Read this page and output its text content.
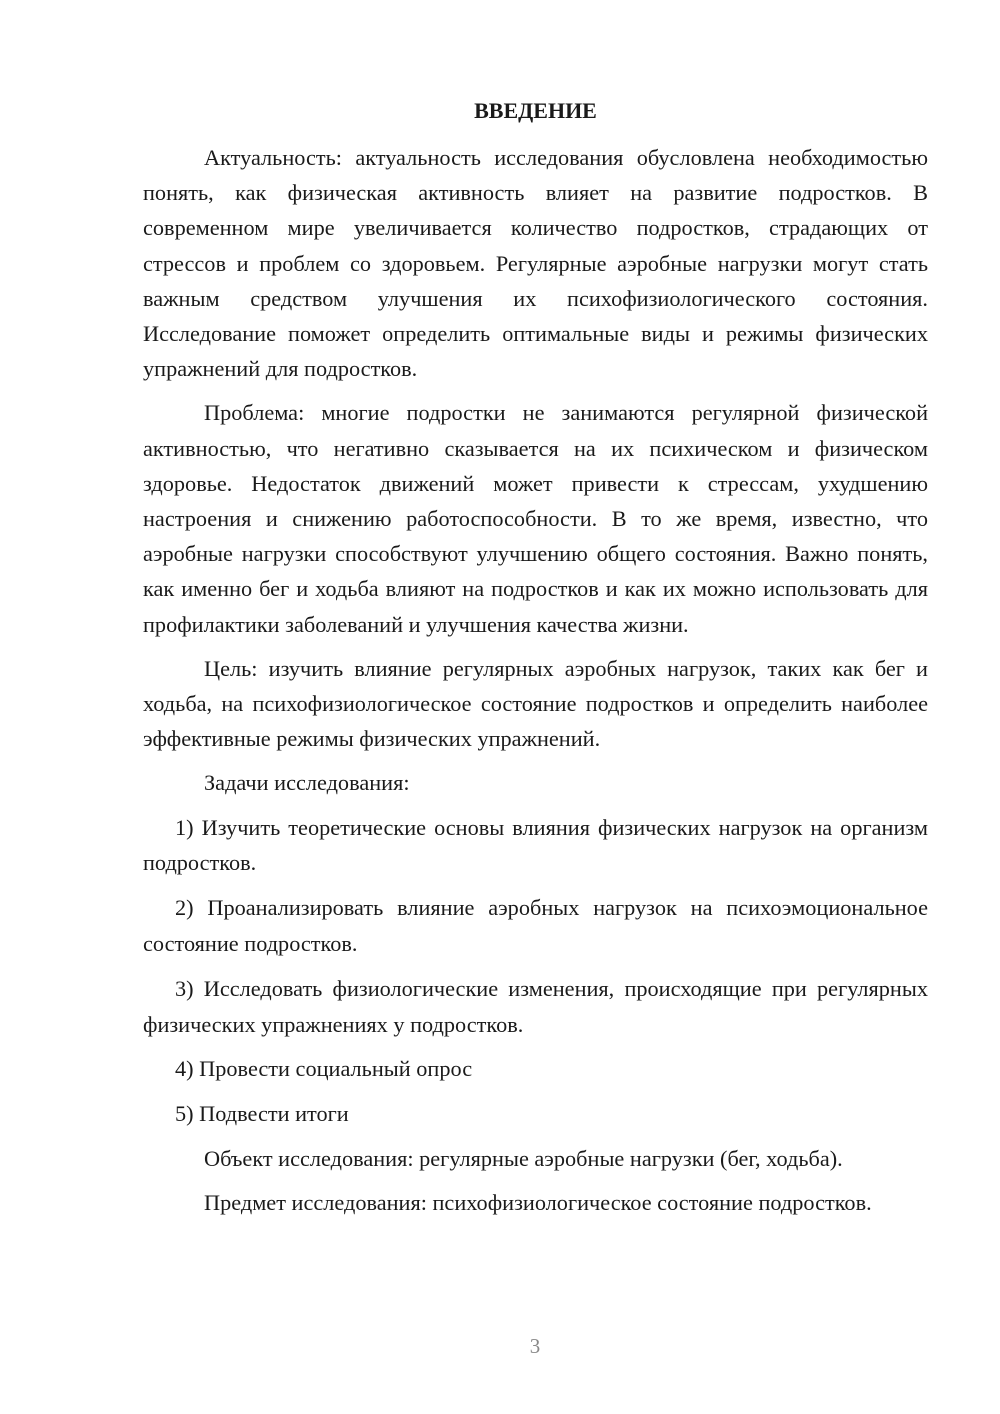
ВВЕДЕНИЕ

Актуальность: актуальность исследования обусловлена необходимостью понять, как физическая активность влияет на развитие подростков. В современном мире увеличивается количество подростков, страдающих от стрессов и проблем со здоровьем. Регулярные аэробные нагрузки могут стать важным средством улучшения их психофизиологического состояния. Исследование поможет определить оптимальные виды и режимы физических упражнений для подростков.

Проблема: многие подростки не занимаются регулярной физической активностью, что негативно сказывается на их психическом и физическом здоровье. Недостаток движений может привести к стрессам, ухудшению настроения и снижению работоспособности. В то же время, известно, что аэробные нагрузки способствуют улучшению общего состояния. Важно понять, как именно бег и ходьба влияют на подростков и как их можно использовать для профилактики заболеваний и улучшения качества жизни.

Цель: изучить влияние регулярных аэробных нагрузок, таких как бег и ходьба, на психофизиологическое состояние подростков и определить наиболее эффективные режимы физических упражнений.

Задачи исследования:

1) Изучить теоретические основы влияния физических нагрузок на организм подростков.

2) Проанализировать влияние аэробных нагрузок на психоэмоциональное состояние подростков.

3) Исследовать физиологические изменения, происходящие при регулярных физических упражнениях у подростков.

4) Провести социальный опрос

5) Подвести итоги

Объект исследования: регулярные аэробные нагрузки (бег, ходьба).

Предмет исследования: психофизиологическое состояние подростков.

3
